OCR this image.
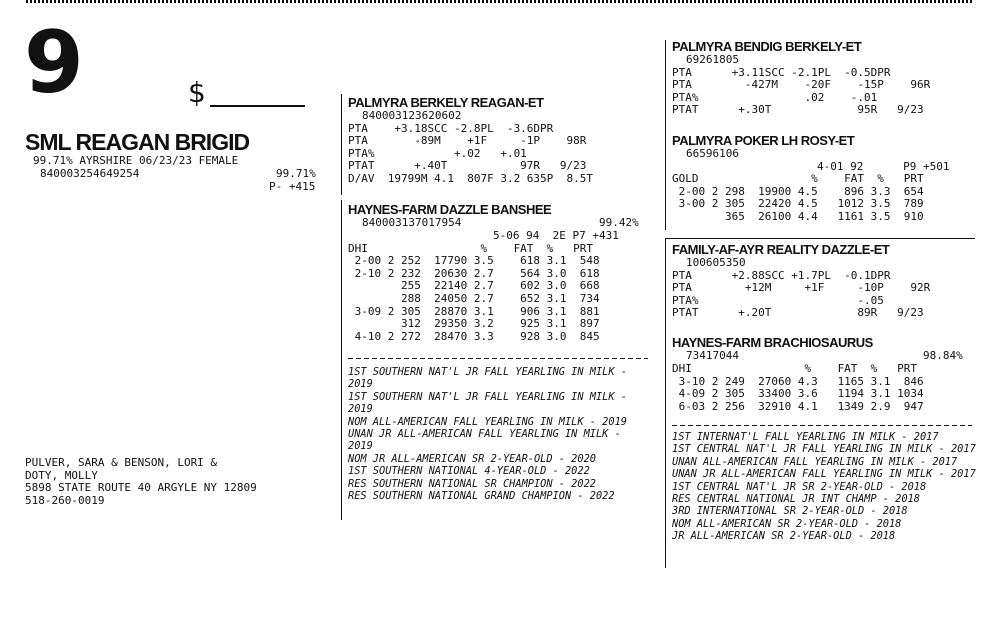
9	$
SML REAGAN BRIGID
99.71% AYRSHIRE 06/23/23 FEMALE
840003254649254	99.71%
P- +415
PULVER, SARA & BENSON, LORI &
DOTY, MOLLY
5898 STATE ROUTE 40 ARGYLE NY 12809
518-260-0019
PALMYRA BERKELY REAGAN-ET
840003123620602
PTA    +3.18SCC -2.8PL  -3.6DPR
PTA       -89M    +1F     -1P    98R
PTA%            +.02   +.01
PTAT      +.40T           97R   9/23
D/AV  19799M 4.1  807F 3.2 635P  8.5T
HAYNES-FARM DAZZLE BANSHEE
840003137017954	99.42%
5-06 94  2E P7 +431
DHI                 %    FAT  %   PRT
2-00 2 252  17790 3.5    618 3.1  548
2-10 2 232  20630 2.7    564 3.0  618
255  22140 2.7    602 3.0  668
288  24050 2.7    652 3.1  734
3-09 2 305  28870 3.1    906 3.1  881
312  29350 3.2    925 3.1  897
4-10 2 272  28470 3.3    928 3.0  845
1ST SOUTHERN NAT'L JR FALL YEARLING IN MILK - 2019
1ST SOUTHERN NAT'L JR FALL YEARLING IN MILK - 2019
NOM ALL-AMERICAN FALL YEARLING IN MILK - 2019
UNAN JR ALL-AMERICAN FALL YEARLING IN MILK - 2019
NOM JR ALL-AMERICAN SR 2-YEAR-OLD - 2020
1ST SOUTHERN NATIONAL 4-YEAR-OLD - 2022
RES SOUTHERN NATIONAL SR CHAMPION - 2022
RES SOUTHERN NATIONAL GRAND CHAMPION - 2022
PALMYRA BENDIG BERKELY-ET
69261805
PTA      +3.11SCC -2.1PL  -0.5DPR
PTA        -427M    -20F    -15P    96R
PTA%                .02    -.01
PTAT      +.30T             95R   9/23
PALMYRA POKER LH ROSY-ET
66596106
4-01 92      P9 +501
GOLD                 %    FAT  %   PRT
2-00 2 298  19900 4.5    896 3.3  654
3-00 2 305  22420 4.5   1012 3.5  789
365  26100 4.4   1161 3.5  910
FAMILY-AF-AYR REALITY DAZZLE-ET
100605350
PTA      +2.88SCC +1.7PL  -0.1DPR
PTA        +12M     +1F     -10P    92R
PTA%                        -.05
PTAT      +.20T             89R   9/23
HAYNES-FARM BRACHIOSAURUS
73417044	98.84%
DHI                 %    FAT  %   PRT
3-10 2 249  27060 4.3   1165 3.1  846
4-09 2 305  33400 3.6   1194 3.1 1034
6-03 2 256  32910 4.1   1349 2.9  947
1ST INTERNAT'L FALL YEARLING IN MILK - 2017
1ST CENTRAL NAT'L JR FALL YEARLING IN MILK - 2017
UNAN ALL-AMERICAN FALL YEARLING IN MILK - 2017
UNAN JR ALL-AMERICAN FALL YEARLING IN MILK - 2017
1ST CENTRAL NAT'L JR SR 2-YEAR-OLD - 2018
RES CENTRAL NATIONAL JR INT CHAMP - 2018
3RD INTERNATIONAL SR 2-YEAR-OLD - 2018
NOM ALL-AMERICAN SR 2-YEAR-OLD - 2018
JR ALL-AMERICAN SR 2-YEAR-OLD - 2018
